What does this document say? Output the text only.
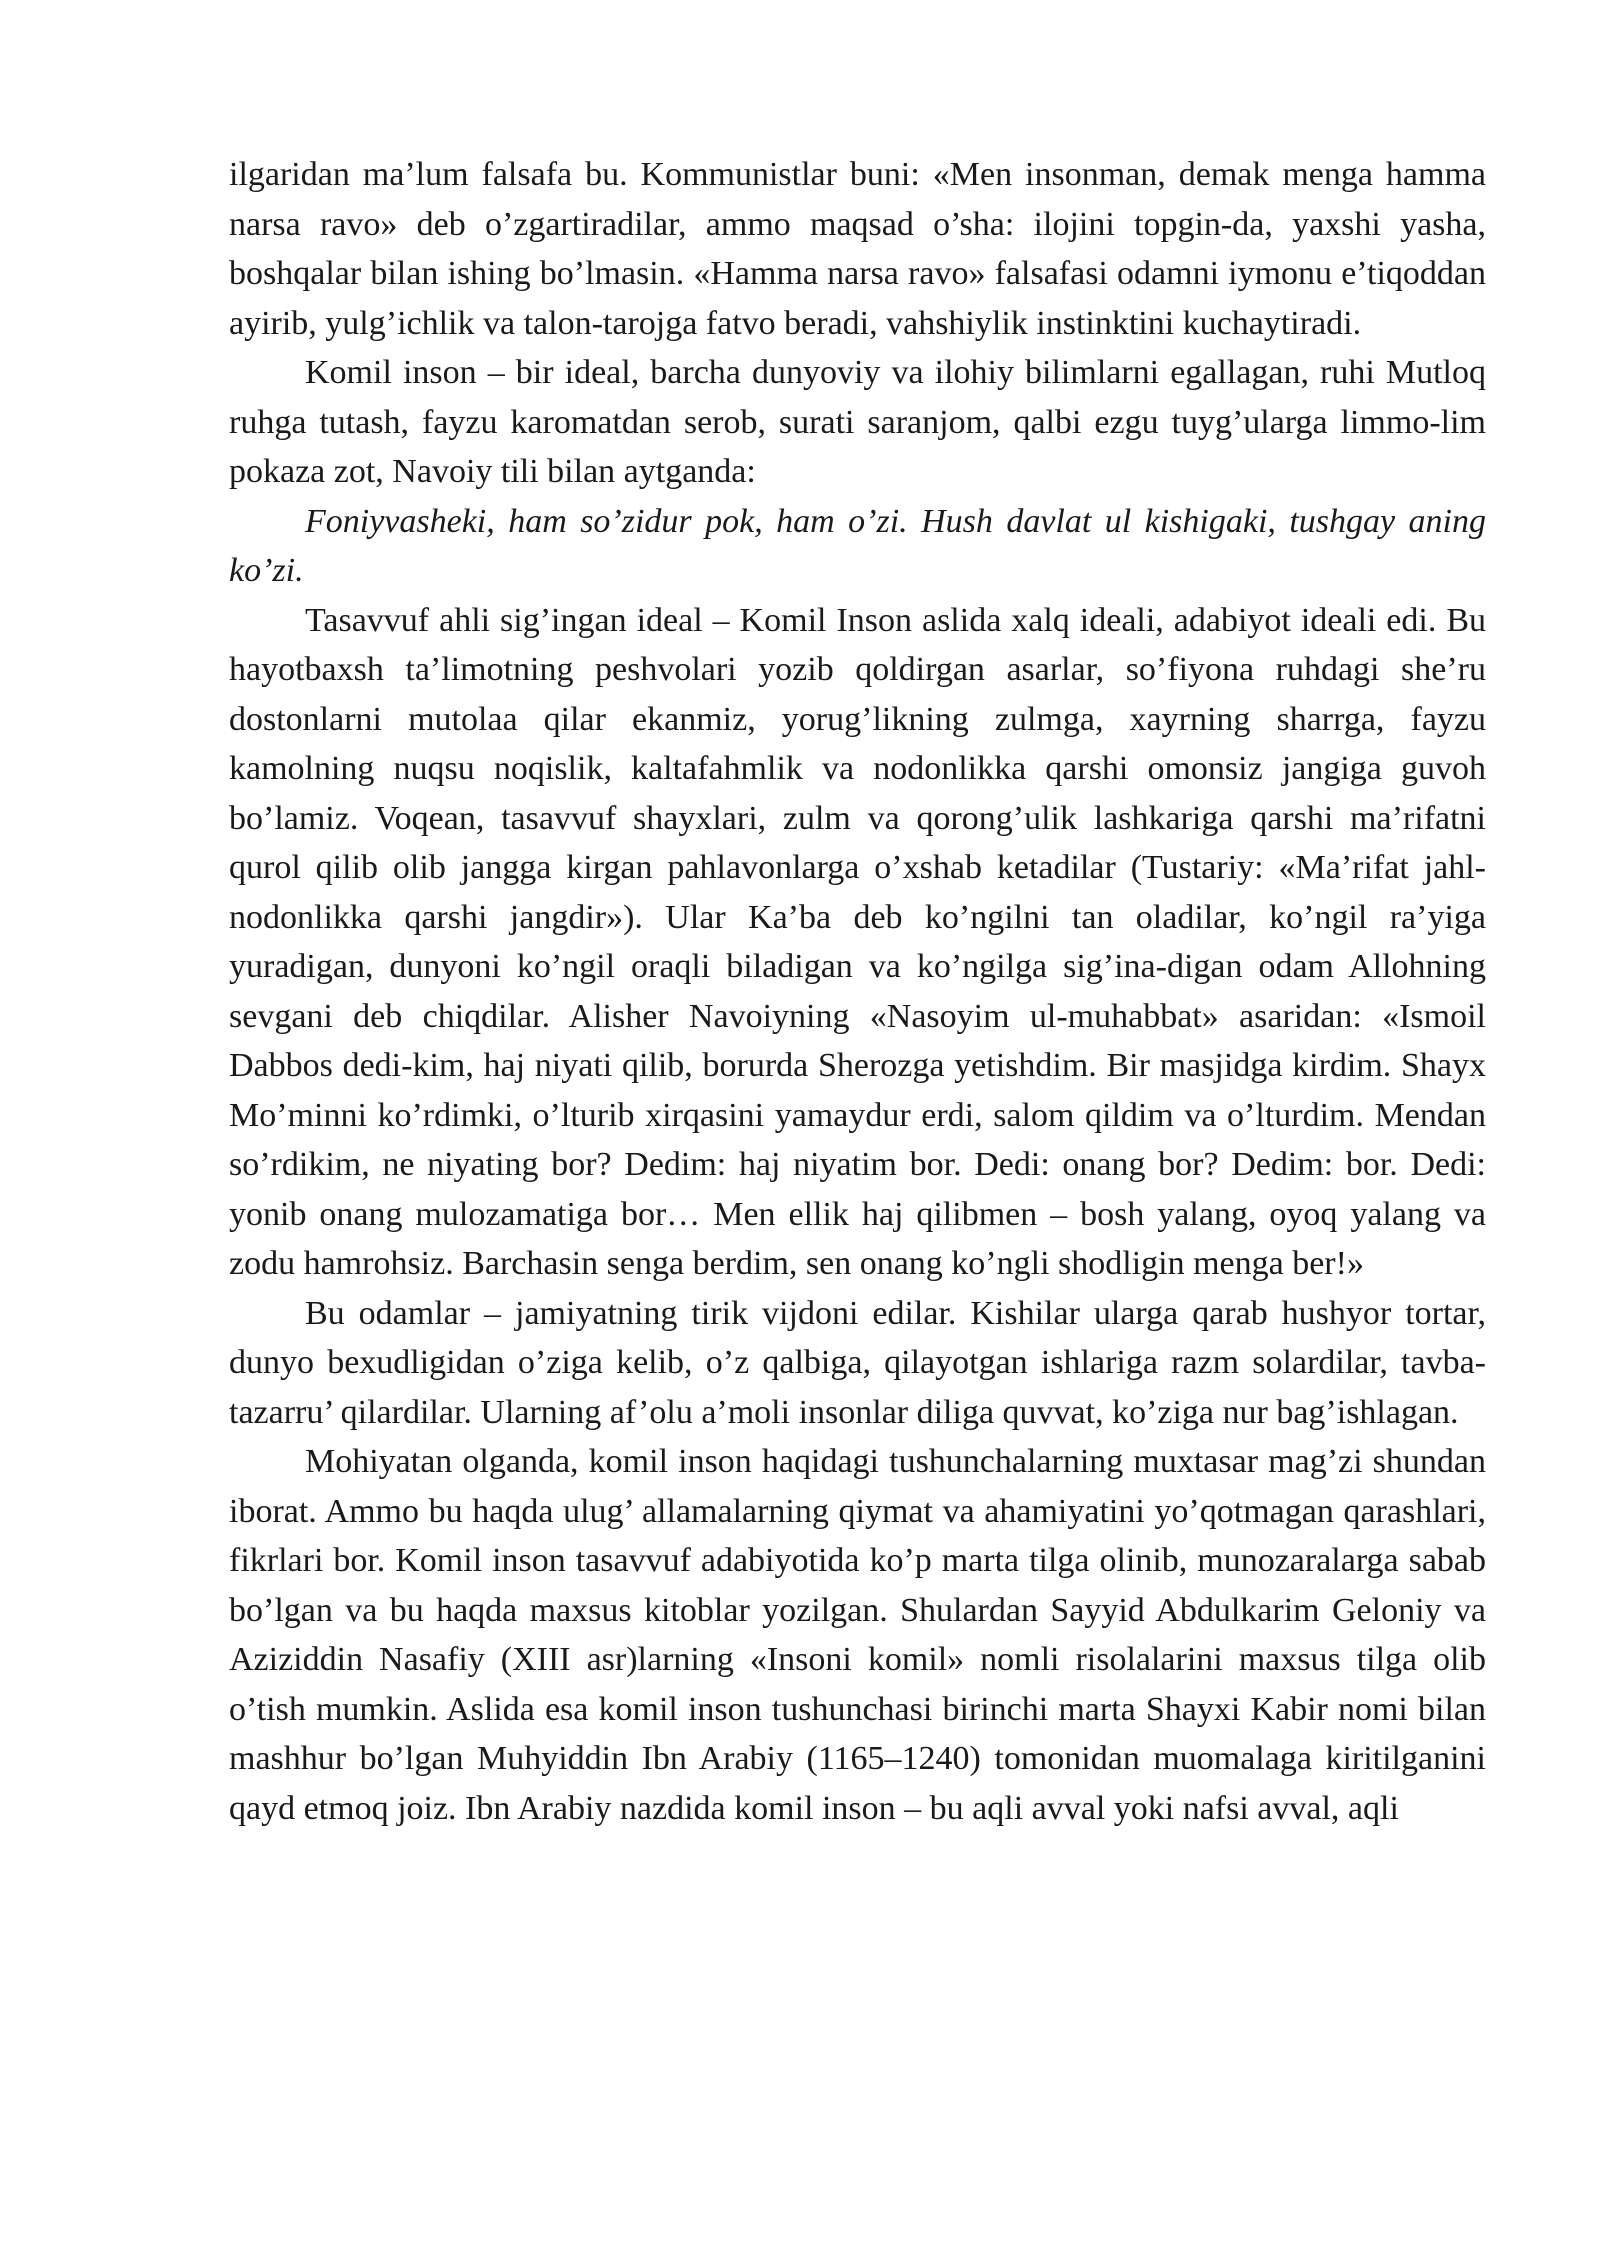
ilgaridan ma’lum falsafa bu. Kommunistlar buni: «Men insonman, demak menga hamma narsa ravo» deb o’zgartiradilar, ammo maqsad o’sha: ilojini topgin-da, yaxshi yasha, boshqalar bilan ishing bo’lmasin. «Hamma narsa ravo» falsafasi odamni iymonu e’tiqoddan ayirib, yulg’ichlik va talon-tarojga fatvo beradi, vahshiylik instinktini kuchaytiradi.

Komil inson – bir ideal, barcha dunyoviy va ilohiy bilimlarni egallagan, ruhi Mutloq ruhga tutash, fayzu karomatdan serob, surati saranjom, qalbi ezgu tuyg’ularga limmo-lim pokaza zot, Navoiy tili bilan aytganda:

Foniyvasheki, ham so’zidur pok, ham o’zi. Hush davlat ul kishigaki, tushgay aning ko’zi.

Tasavvuf ahli sig’ingan ideal – Komil Inson aslida xalq ideali, adabiyot ideali edi. Bu hayotbaxsh ta’limotning peshvolari yozib qoldirgan asarlar, so’fiyona ruhdagi she’ru dostonlarni mutolaa qilar ekanmiz, yorug’likning zulmga, xayrning sharrga, fayzu kamolning nuqsu noqislik, kaltafahmlik va nodonlikka qarshi omonsiz jangiga guvoh bo’lamiz. Voqean, tasavvuf shayxlari, zulm va qorong’ulik lashkariga qarshi ma’rifatni qurol qilib olib jangga kirgan pahlavonlarga o’xshab ketadilar (Tustariy: «Ma’rifat jahl-nodonlikka qarshi jangdir»). Ular Ka’ba deb ko’ngilni tan oladilar, ko’ngil ra’yiga yuradigan, dunyoni ko’ngil oraqli biladigan va ko’ngilga sig’ina-digan odam Allohning sevgani deb chiqdilar. Alisher Navoiyning «Nasoyim ul-muhabbat» asaridan: «Ismoil Dabbos dedi-kim, haj niyati qilib, borurda Sherozga yetishdim. Bir masjidga kirdim. Shayx Mo’minni ko’rdimki, o’lturib xirqasini yamaydur erdi, salom qildim va o’lturdim. Mendan so’rdikim, ne niyating bor? Dedim: haj niyatim bor. Dedi: onang bor? Dedim: bor. Dedi: yonib onang mulozamatiga bor… Men ellik haj qilibmen – bosh yalang, oyoq yalang va zodu hamrohsiz. Barchasin senga berdim, sen onang ko’ngli shodligin menga ber!»

Bu odamlar – jamiyatning tirik vijdoni edilar. Kishilar ularga qarab hushyor tortar, dunyo bexudligidan o’ziga kelib, o’z qalbiga, qilayotgan ishlariga razm solardilar, tavba-tazarru’ qilardilar. Ularning af’olu a’moli insonlar diliga quvvat, ko’ziga nur bag’ishlagan.

Mohiyatan olganda, komil inson haqidagi tushunchalarning muxtasar mag’zi shundan iborat. Ammo bu haqda ulug’ allamalarning qiymat va ahamiyatini yo’qotmagan qarashlari, fikrlari bor. Komil inson tasavvuf adabiyotida ko’p marta tilga olinib, munozaralarga sabab bo’lgan va bu haqda maxsus kitoblar yozilgan. Shulardan Sayyid Abdulkarim Geloniy va Aziziddin Nasafiy (XIII asr)larning «Insoni komil» nomli risolalarini maxsus tilga olib o’tish mumkin. Aslida esa komil inson tushunchasi birinchi marta Shayxi Kabir nomi bilan mashhur bo’lgan Muhyiddin Ibn Arabiy (1165–1240) tomonidan muomalaga kiritilganini qayd etmoq joiz. Ibn Arabiy nazdida komil inson – bu aqli avval yoki nafsi avval, aqli
